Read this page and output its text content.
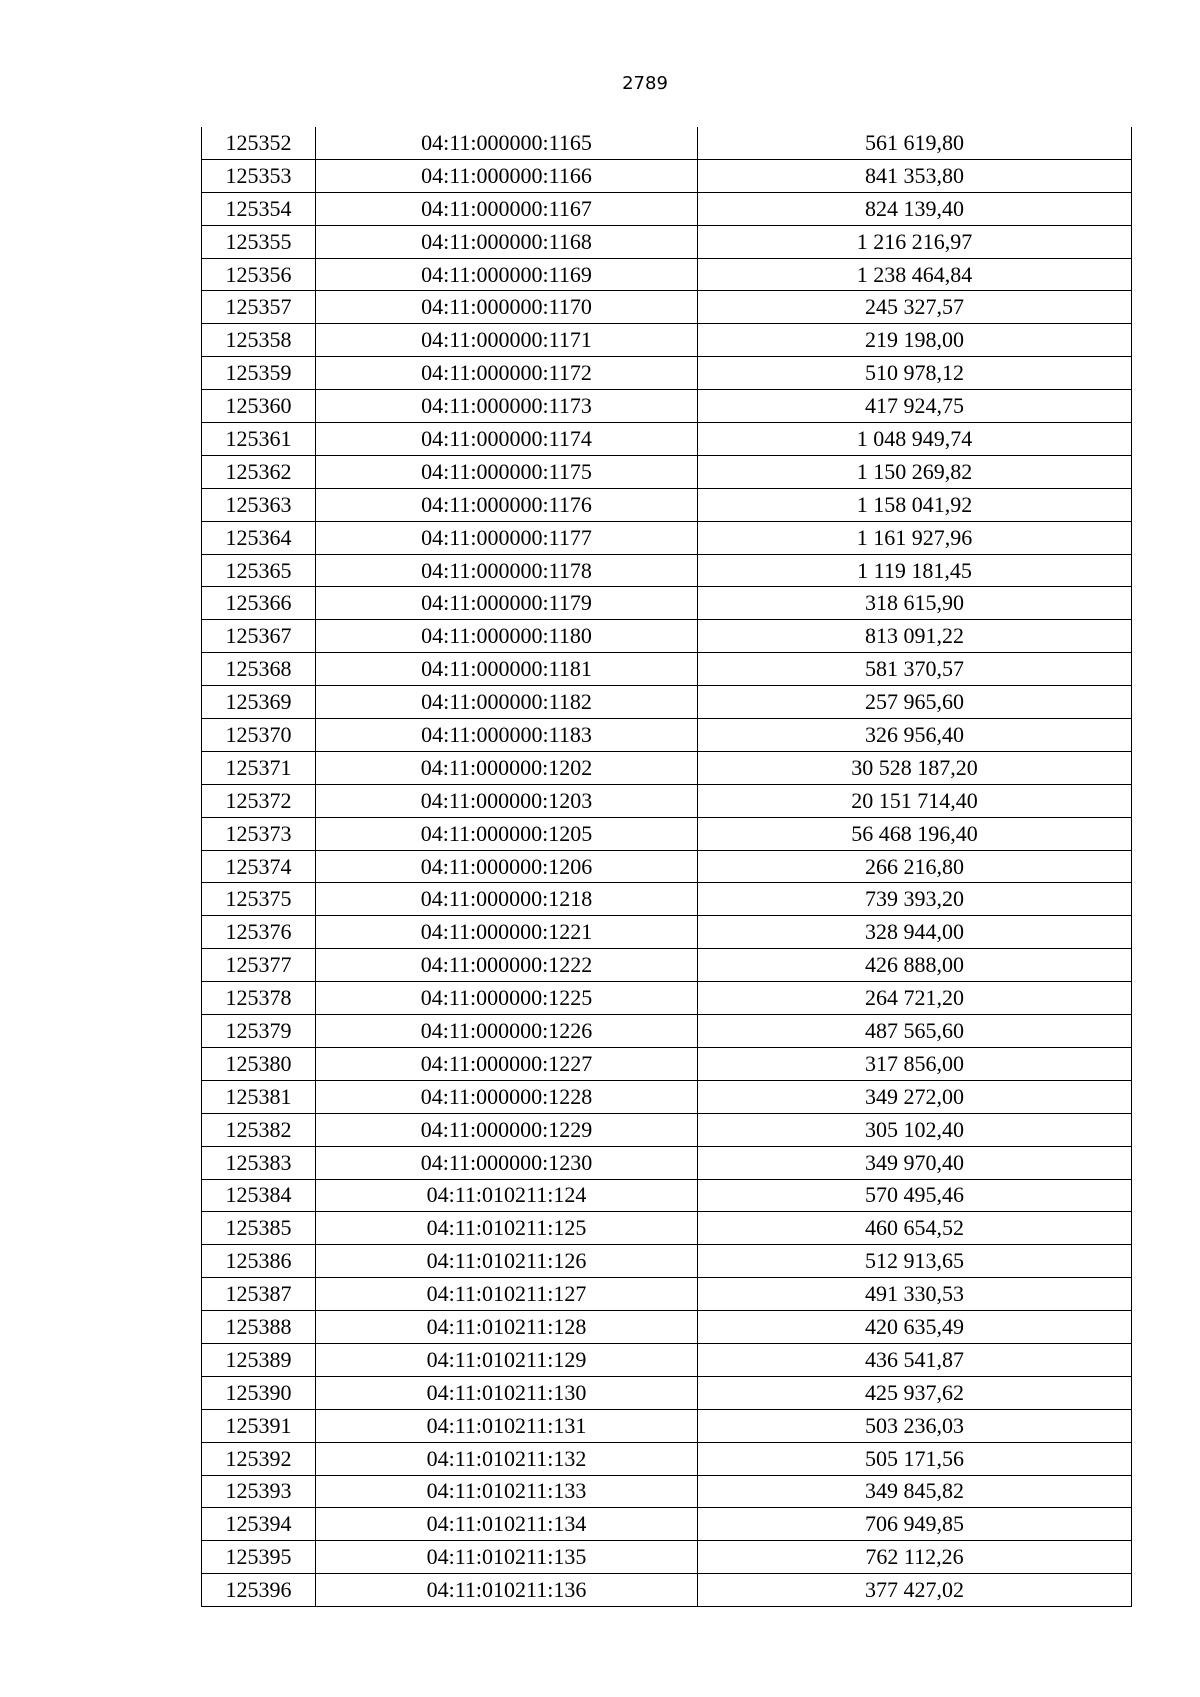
2789
125352	04:11:000000:1165	561 619,80
125353	04:11:000000:1166	841 353,80
125354	04:11:000000:1167	824 139,40
125355	04:11:000000:1168	1 216 216,97
125356	04:11:000000:1169	1 238 464,84
125357	04:11:000000:1170	245 327,57
125358	04:11:000000:1171	219 198,00
125359	04:11:000000:1172	510 978,12
125360	04:11:000000:1173	417 924,75
125361	04:11:000000:1174	1 048 949,74
125362	04:11:000000:1175	1 150 269,82
125363	04:11:000000:1176	1 158 041,92
125364	04:11:000000:1177	1 161 927,96
125365	04:11:000000:1178	1 119 181,45
125366	04:11:000000:1179	318 615,90
125367	04:11:000000:1180	813 091,22
125368	04:11:000000:1181	581 370,57
125369	04:11:000000:1182	257 965,60
125370	04:11:000000:1183	326 956,40
125371	04:11:000000:1202	30 528 187,20
125372	04:11:000000:1203	20 151 714,40
125373	04:11:000000:1205	56 468 196,40
125374	04:11:000000:1206	266 216,80
125375	04:11:000000:1218	739 393,20
125376	04:11:000000:1221	328 944,00
125377	04:11:000000:1222	426 888,00
125378	04:11:000000:1225	264 721,20
125379	04:11:000000:1226	487 565,60
125380	04:11:000000:1227	317 856,00
125381	04:11:000000:1228	349 272,00
125382	04:11:000000:1229	305 102,40
125383	04:11:000000:1230	349 970,40
125384	04:11:010211:124	570 495,46
125385	04:11:010211:125	460 654,52
125386	04:11:010211:126	512 913,65
125387	04:11:010211:127	491 330,53
125388	04:11:010211:128	420 635,49
125389	04:11:010211:129	436 541,87
125390	04:11:010211:130	425 937,62
125391	04:11:010211:131	503 236,03
125392	04:11:010211:132	505 171,56
125393	04:11:010211:133	349 845,82
125394	04:11:010211:134	706 949,85
125395	04:11:010211:135	762 112,26
125396	04:11:010211:136	377 427,02
